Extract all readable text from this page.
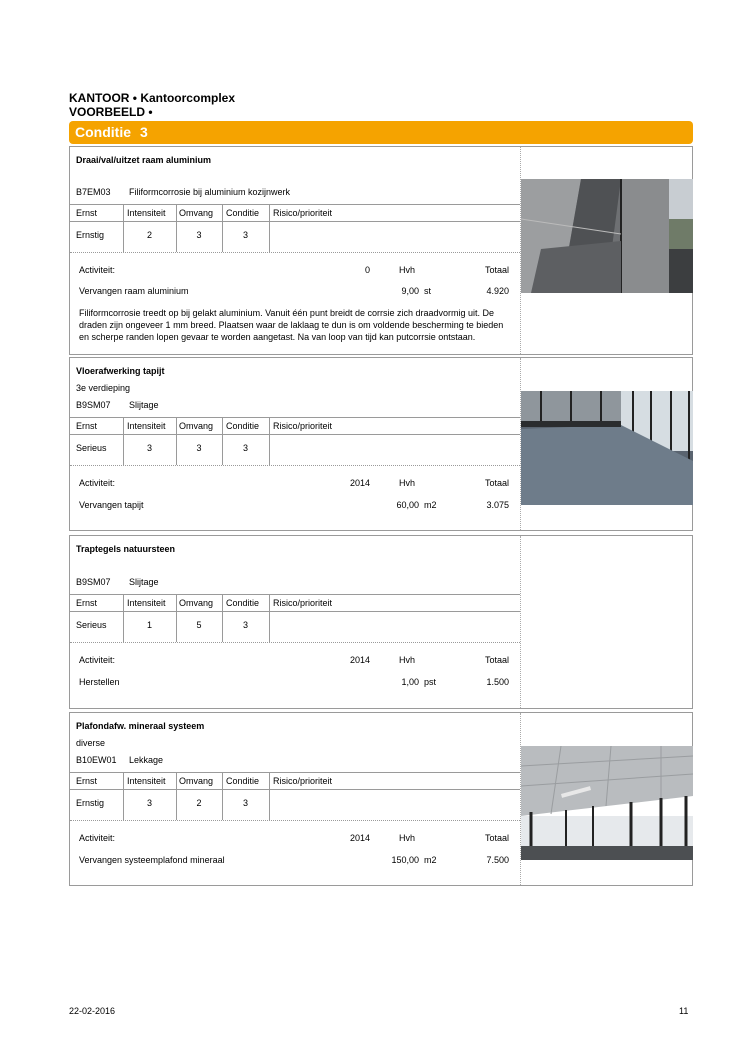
KANTOOR • Kantoorcomplex
VOORBEELD •
Conditie 3
Draai/val/uitzet raam aluminium
B7EM03 Filiformcorrosie bij aluminium kozijnwerk
Ernst	Intensiteit Omvang Conditie Risico/prioriteit
Ernstig	2	3	3
Activiteit:	0	Hvh	Totaal
Vervangen raam aluminium	9,00 st	4.920
Filiformcorrosie treedt op bij gelakt aluminium. Vanuit één punt breidt de corrsie zich draadvormig uit. De draden zijn ongeveer 1 mm breed. Plaatsen waar de laklaag te dun is om voldende bescherming te bieden en scherpe randen lopen gevaar te worden aangetast. Na van loop van tijd kan putcorrsie ontstaan.
Vloerafwerking tapijt
3e verdieping
B9SM07 Slijtage
Ernst	Intensiteit Omvang Conditie Risico/prioriteit
Serieus	3	3	3
Activiteit:	2014	Hvh	Totaal
Vervangen tapijt	60,00 m2	3.075
Traptegels natuursteen
B9SM07 Slijtage
Ernst	Intensiteit Omvang Conditie Risico/prioriteit
Serieus	1	5	3
Activiteit:	2014	Hvh	Totaal
Herstellen	1,00 pst	1.500
Plafondafw. mineraal systeem
diverse
B10EW01 Lekkage
Ernst	Intensiteit Omvang Conditie Risico/prioriteit
Ernstig	3	2	3
Activiteit:	2014	Hvh	Totaal
Vervangen systeemplafond mineraal	150,00 m2	7.500
22-02-2016	11
